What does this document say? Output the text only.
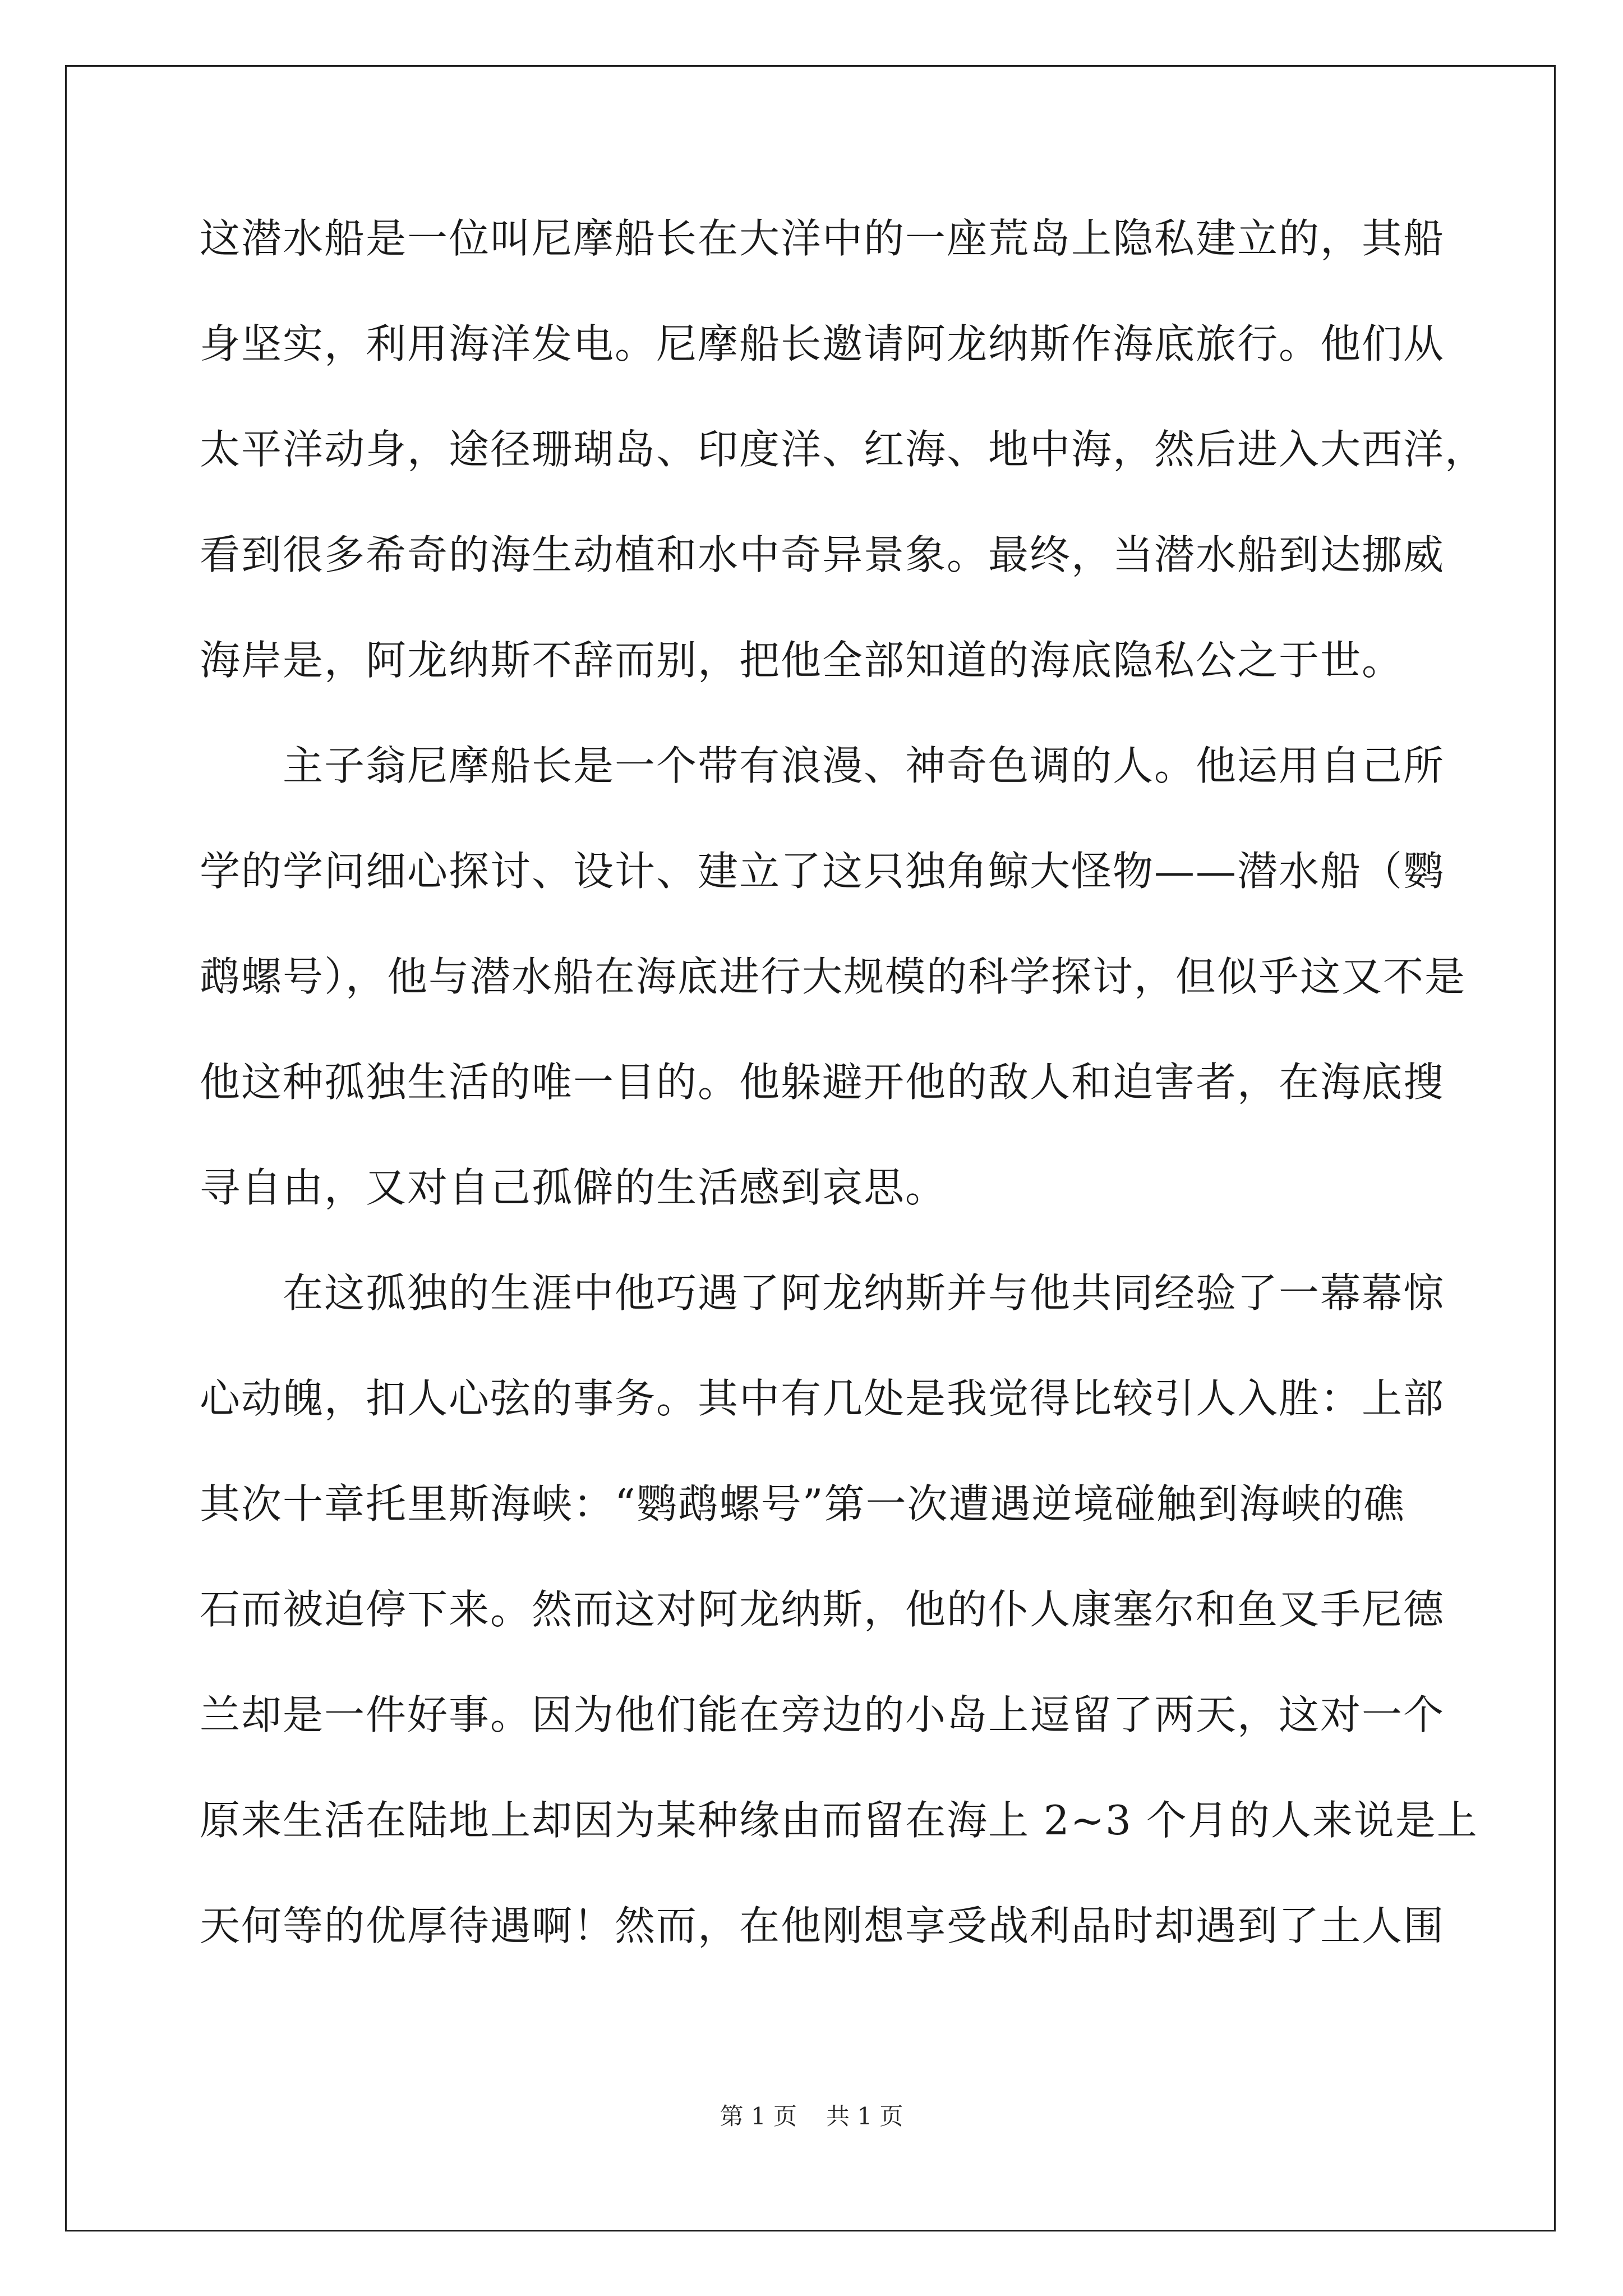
这潜水船是一位叫尼摩船长在大洋中的一座荒岛上隐私建立的，其船
身坚实，利用海洋发电。尼摩船长邀请阿龙纳斯作海底旅行。他们从
太平洋动身，途径珊瑚岛、印度洋、红海、地中海，然后进入大西洋，
看到很多希奇的海生动植和水中奇异景象。最终，当潜水船到达挪威
海岸是，阿龙纳斯不辞而别，把他全部知道的海底隐私公之于世。
　　主子翁尼摩船长是一个带有浪漫、神奇色调的人。他运用自己所
学的学问细心探讨、设计、建立了这只独角鲸大怪物——潜水船（鹦
鹉螺号），他与潜水船在海底进行大规模的科学探讨，但似乎这又不是
他这种孤独生活的唯一目的。他躲避开他的敌人和迫害者，在海底搜
寻自由，又对自己孤僻的生活感到哀思。
　　在这孤独的生涯中他巧遇了阿龙纳斯并与他共同经验了一幕幕惊
心动魄，扣人心弦的事务。其中有几处是我觉得比较引人入胜：上部
其次十章托里斯海峡：“鹦鹉螺号”第一次遭遇逆境碰触到海峡的礁
石而被迫停下来。然而这对阿龙纳斯，他的仆人康塞尔和鱼叉手尼德
兰却是一件好事。因为他们能在旁边的小岛上逗留了两天，这对一个
原来生活在陆地上却因为某种缘由而留在海上 2~3 个月的人来说是上
天何等的优厚待遇啊！然而，在他刚想享受战利品时却遇到了土人围
第 1 页 共 1 页
